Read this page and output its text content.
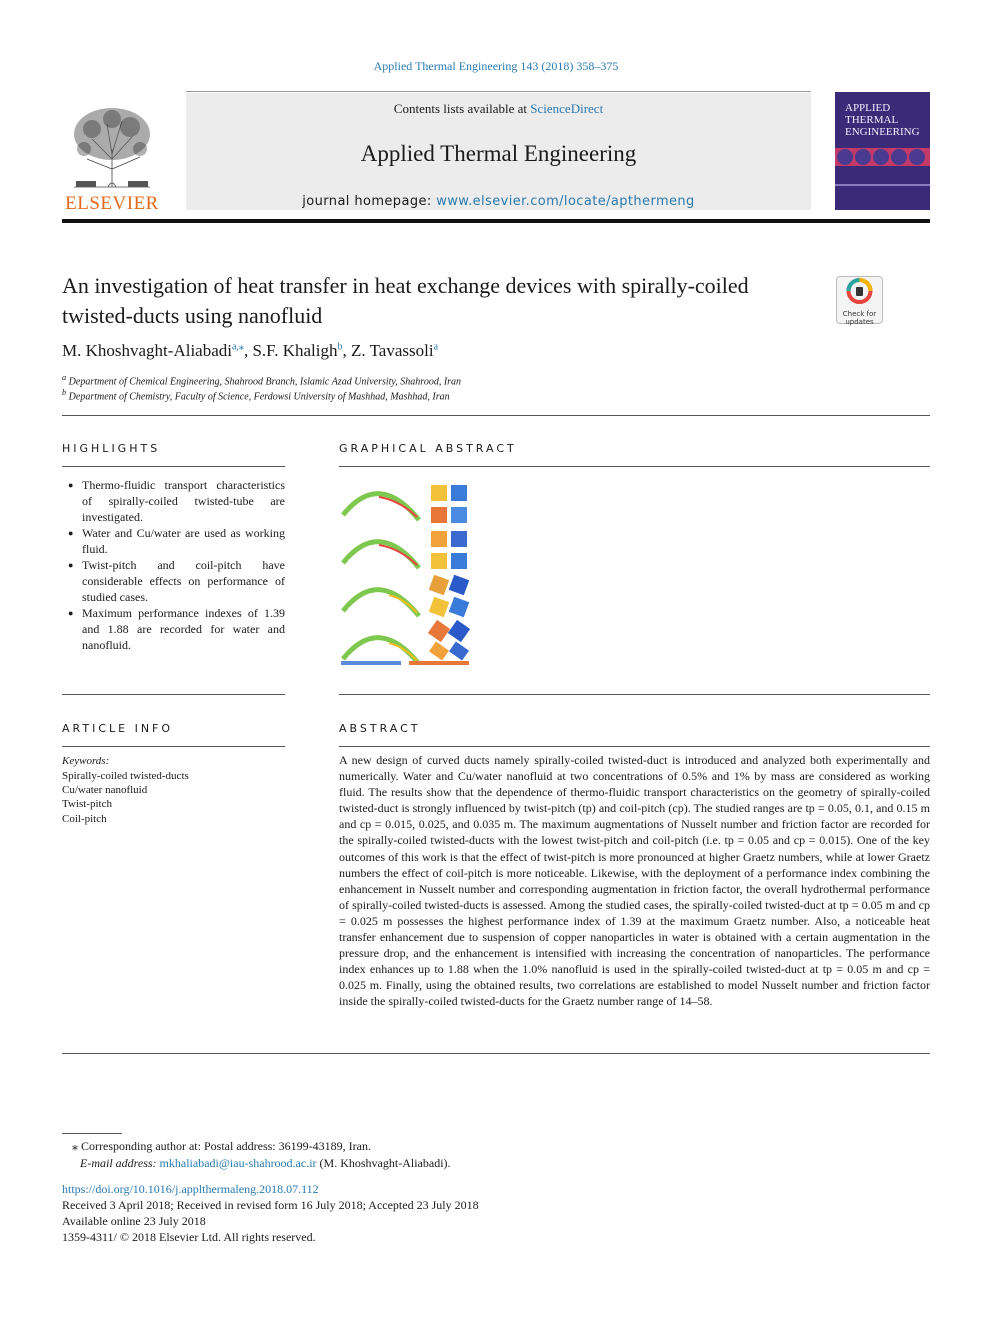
Applied Thermal Engineering 143 (2018) 358–375
ELSEVIER
Contents lists available at ScienceDirect
Applied Thermal Engineering
journal homepage: www.elsevier.com/locate/apthermeng
APPLIED THERMAL ENGINEERING
An investigation of heat transfer in heat exchange devices with spirally-coiled twisted-ducts using nanofluid	Check for
updates
M. Khoshvaght-Aliabadi$^{a,⁎}$, S.F. Khaligh$^b$, Z. Tavassoli$^a$
$^a$ Department of Chemical Engineering, Shahrood Branch, Islamic Azad University, Shahrood, Iran
$^b$ Department of Chemistry, Faculty of Science, Ferdowsi University of Mashhad, Mashhad, Iran
HIGHLIGHTS
● Thermo-fluidic transport characteristics of spirally-coiled twisted-tube are investigated.
● Water and Cu/water are used as working fluid.
● Twist-pitch and coil-pitch have considerable effects on performance of studied cases.
● Maximum performance indexes of 1.39 and 1.88 are recorded for water and nanofluid.
GRAPHICAL ABSTRACT
ARTICLE INFO
Keywords:
Spirally-coiled twisted-ducts
Cu/water nanofluid
Twist-pitch
Coil-pitch
ABSTRACT
A new design of curved ducts namely spirally-coiled twisted-duct is introduced and analyzed both experimentally and numerically. Water and Cu/water nanofluid at two concentrations of 0.5% and 1% by mass are considered as working fluid. The results show that the dependence of thermo-fluidic transport characteristics on the geometry of spirally-coiled twisted-duct is strongly influenced by twist-pitch (tp) and coil-pitch (cp). The studied ranges are tp = 0.05, 0.1, and 0.15 m and cp = 0.015, 0.025, and 0.035 m. The maximum augmentations of Nusselt number and friction factor are recorded for the spirally-coiled twisted-ducts with the lowest twist-pitch and coil-pitch (i.e. tp = 0.05 and cp = 0.015). One of the key outcomes of this work is that the effect of twist-pitch is more pronounced at higher Graetz numbers, while at lower Graetz numbers the effect of coil-pitch is more noticeable. Likewise, with the deployment of a performance index combining the enhancement in Nusselt number and corresponding augmentation in friction factor, the overall hydrothermal performance of spirally-coiled twisted-ducts is assessed. Among the studied cases, the spirally-coiled twisted-duct at tp = 0.05 m and cp = 0.025 m possesses the highest performance index of 1.39 at the maximum Graetz number. Also, a noticeable heat transfer enhancement due to suspension of copper nanoparticles in water is obtained with a certain augmentation in the pressure drop, and the enhancement is intensified with increasing the concentration of nanoparticles. The performance index enhances up to 1.88 when the 1.0% nanofluid is used in the spirally-coiled twisted-duct at tp = 0.05 m and cp = 0.025 m. Finally, using the obtained results, two correlations are established to model Nusselt number and friction factor inside the spirally-coiled twisted-ducts for the Graetz number range of 14–58.
⁎ Corresponding author at: Postal address: 36199-43189, Iran.
E-mail address: mkhaliabadi@iau-shahrood.ac.ir (M. Khoshvaght-Aliabadi).
https://doi.org/10.1016/j.applthermaleng.2018.07.112
Received 3 April 2018; Received in revised form 16 July 2018; Accepted 23 July 2018
Available online 23 July 2018
1359-4311/ © 2018 Elsevier Ltd. All rights reserved.
